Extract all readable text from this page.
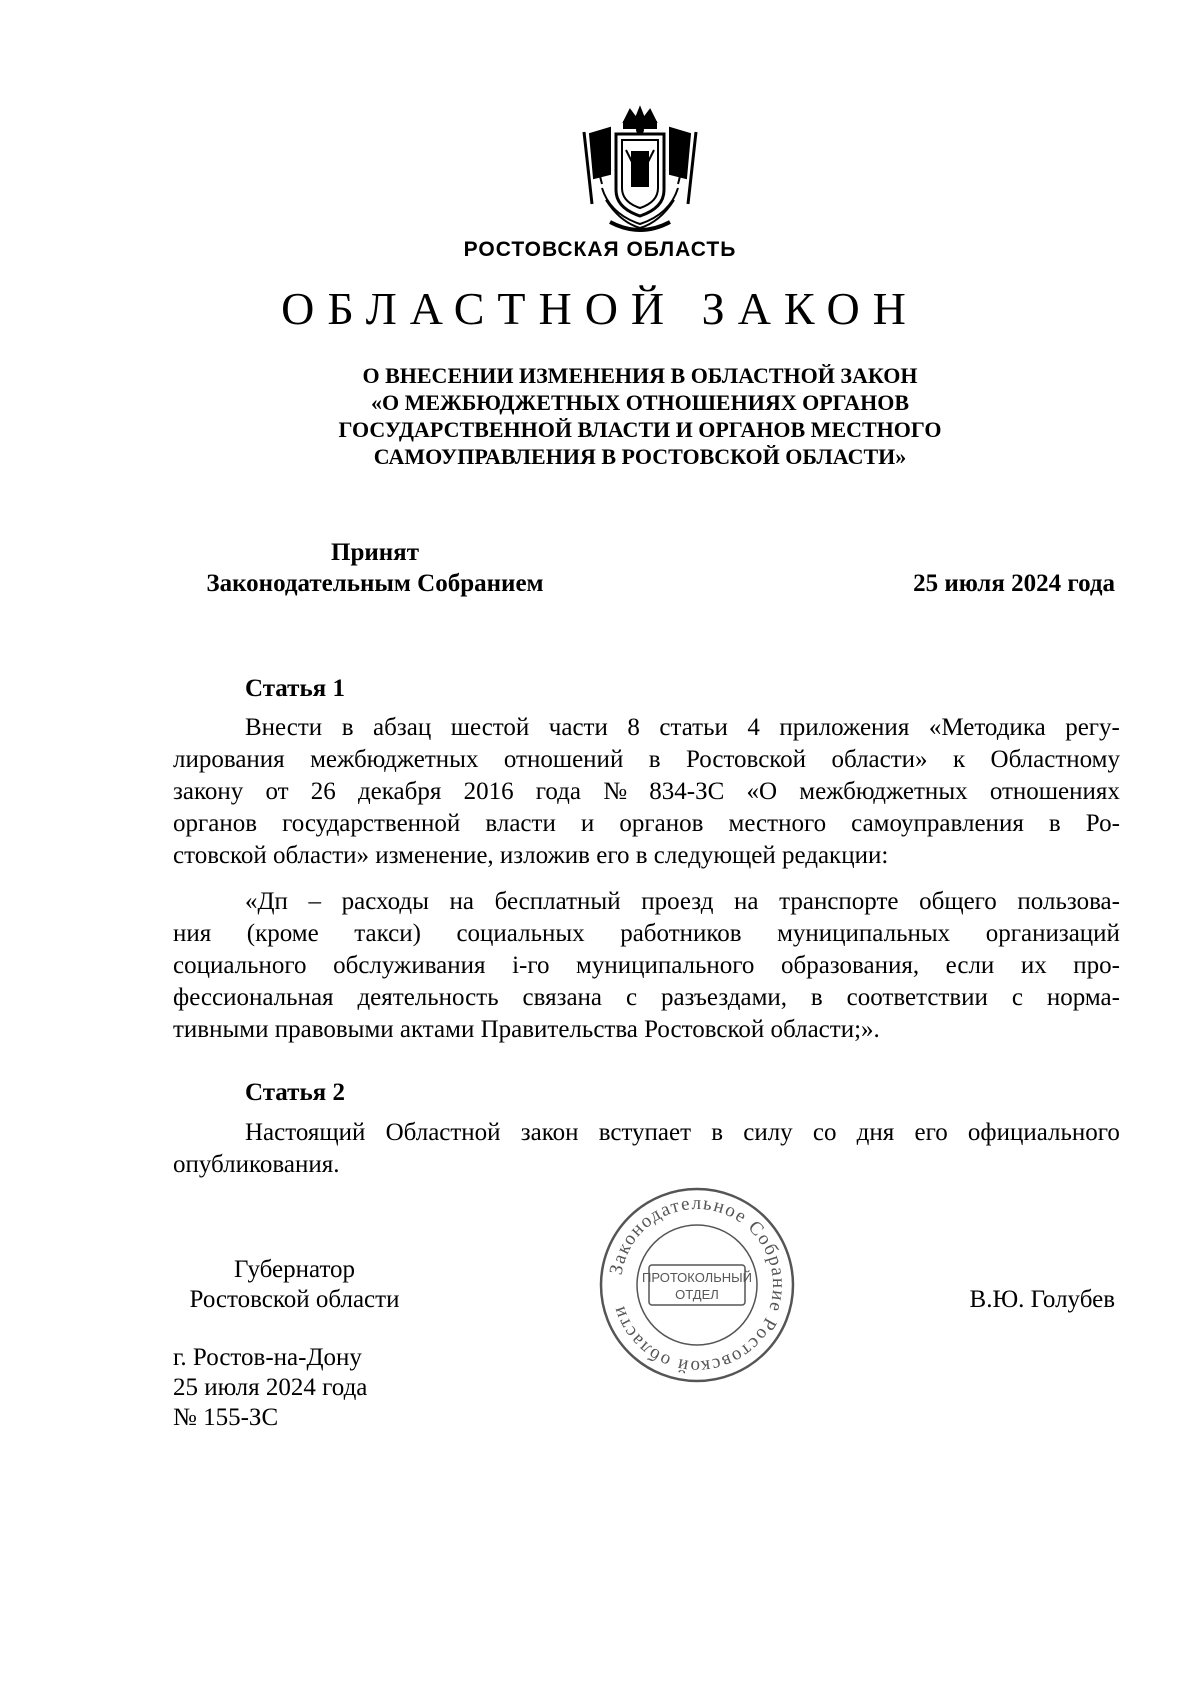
РОСТОВСКАЯ ОБЛАСТЬ
ОБЛАСТНОЙ ЗАКОН
О ВНЕСЕНИИ ИЗМЕНЕНИЯ В ОБЛАСТНОЙ ЗАКОН
«О МЕЖБЮДЖЕТНЫХ ОТНОШЕНИЯХ ОРГАНОВ
ГОСУДАРСТВЕННОЙ ВЛАСТИ И ОРГАНОВ МЕСТНОГО
САМОУПРАВЛЕНИЯ В РОСТОВСКОЙ ОБЛАСТИ»
Принят
Законодательным Собранием	25 июля 2024 года
Статья 1
Внести в абзац шестой части 8 статьи 4 приложения «Методика регу-
лирования межбюджетных отношений в Ростовской области» к Областному
закону от 26 декабря 2016 года № 834-ЗС «О межбюджетных отношениях
органов государственной власти и органов местного самоуправления в Ро-
стовской области» изменение, изложив его в следующей редакции:
«Дп – расходы на бесплатный проезд на транспорте общего пользова-
ния (кроме такси) социальных работников муниципальных организаций
социального обслуживания i-го муниципального образования, если их про-
фессиональная деятельность связана с разъездами, в соответствии с норма-
тивными правовыми актами Правительства Ростовской области;».
Статья 2
Настоящий Областной закон вступает в силу со дня его официального
опубликования.
Губернатор
Ростовской области	В.Ю. Голубев
Законодательное Собрание Ростовской области
ПРОТОКОЛЬНЫЙ
ОТДЕЛ
г. Ростов-на-Дону
25 июля 2024 года
№ 155-ЗС
